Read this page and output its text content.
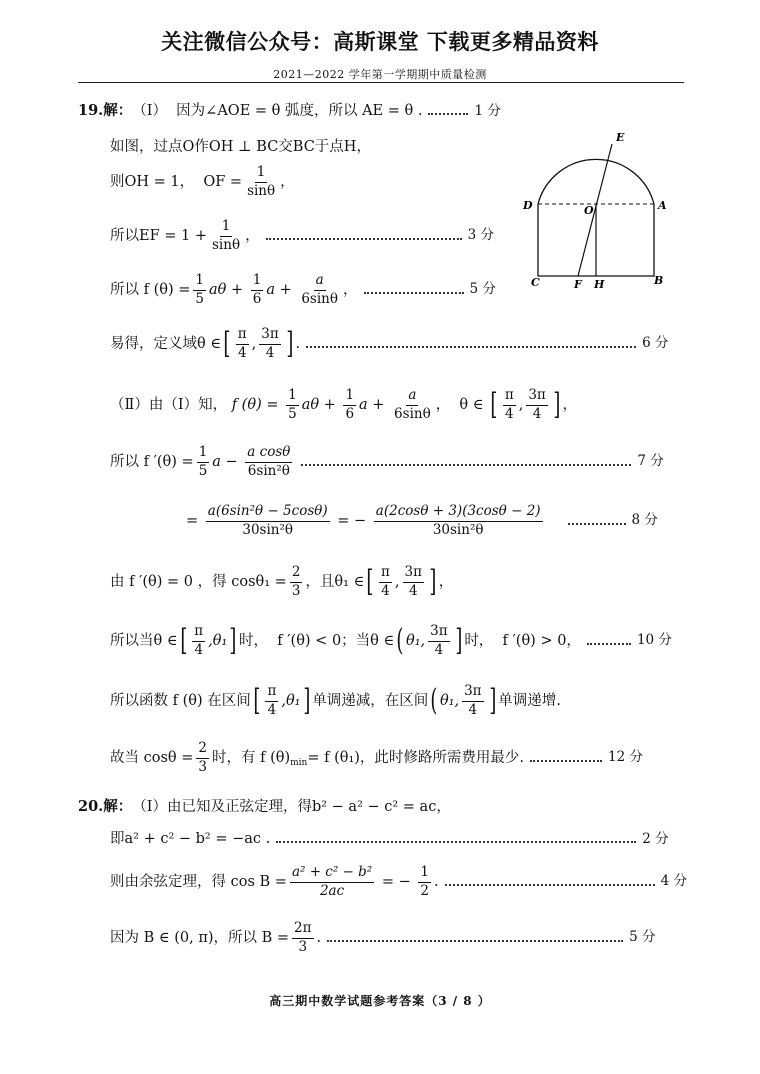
关注微信公众号：高斯课堂 下载更多精品资料
2021—2022 学年第一学期期中质量检测
19.解： （Ⅰ）  因为∠AOE = θ 弧度，所以 AE = θ .	1 分
如图，过点O作OH ⊥ BC交BC于点H，
则OH = 1，  OF = $\frac{1}{\sin\theta}$ ，
所以EF = $1 + \frac{1}{\sin\theta}$ ，	3 分
所以 f $(\theta) = \frac{1}{5}$ $a\theta + \frac{1}{6}$ $a + \frac{a}{6\sin\theta}$ ，	5 分
易得，定义域θ ∈ [ $\frac{\pi}{4}$ , $\frac{3\pi}{4}$ ] .	6 分
（Ⅱ）由（Ⅰ）知， f $(\theta) = \frac{1}{5}$ $a\theta + \frac{1}{6}$ $a + \frac{a}{6\sin\theta}$ ，  θ ∈ [ $\frac{\pi}{4}$ , $\frac{3\pi}{4}$ ] ，
所以 f $'(\theta) = \frac{1}{5}$ $a - \frac{\text{a cosθ}}{\text{6sin²θ}}$	7 分
= $\frac{\text{a(6sin²θ − 5cosθ)}}{\text{30sin²θ}}$ = − $\frac{a(2\cos\theta + 3)(3\cos\theta - 2)}{\text{30sin²θ}}$	8 分
由 f ′(θ) = 0 ，得 $\cos\theta_1 = \frac{2}{3}$ ，且θ₁ ∈ [ $\frac{\pi}{4}$ , $\frac{3\pi}{4}$ ] ，
所以当θ ∈ [ $\frac{\pi}{4} ,\theta_1$ ] 时，  f ′(θ) < 0；当θ ∈ ( θ₁, $\frac{3\pi}{4}$ ] 时，  f ′(θ) > 0，	10 分
所以函数 f (θ) 在区间 [ $\frac{\pi}{4} ,\theta_1$ ] 单调递减，在区间 ( θ₁, $\frac{3\pi}{4}$ ] 单调递增.
故当 $\cos\theta = \frac{2}{3}$ 时，有 f $(\theta)_{min} = f$ (θ₁)，此时修路所需费用最少.	12 分
20.解： （Ⅰ）由已知及正弦定理，得b² − a² − c² = ac，
即a² + c² − b² = −ac .	2 分
则由余弦定理，得 $\cos B = \frac{\text{a² + c² − b²}}{2ac}$ = − $\frac{1}{2}$ .	4 分
因为 B ∈ (0, π)，所以 $B = \frac{2\pi}{3}$ .	5 分
E
D	O	A
C	F H	B
高三期中数学试题参考答案（3 / 8 ）
